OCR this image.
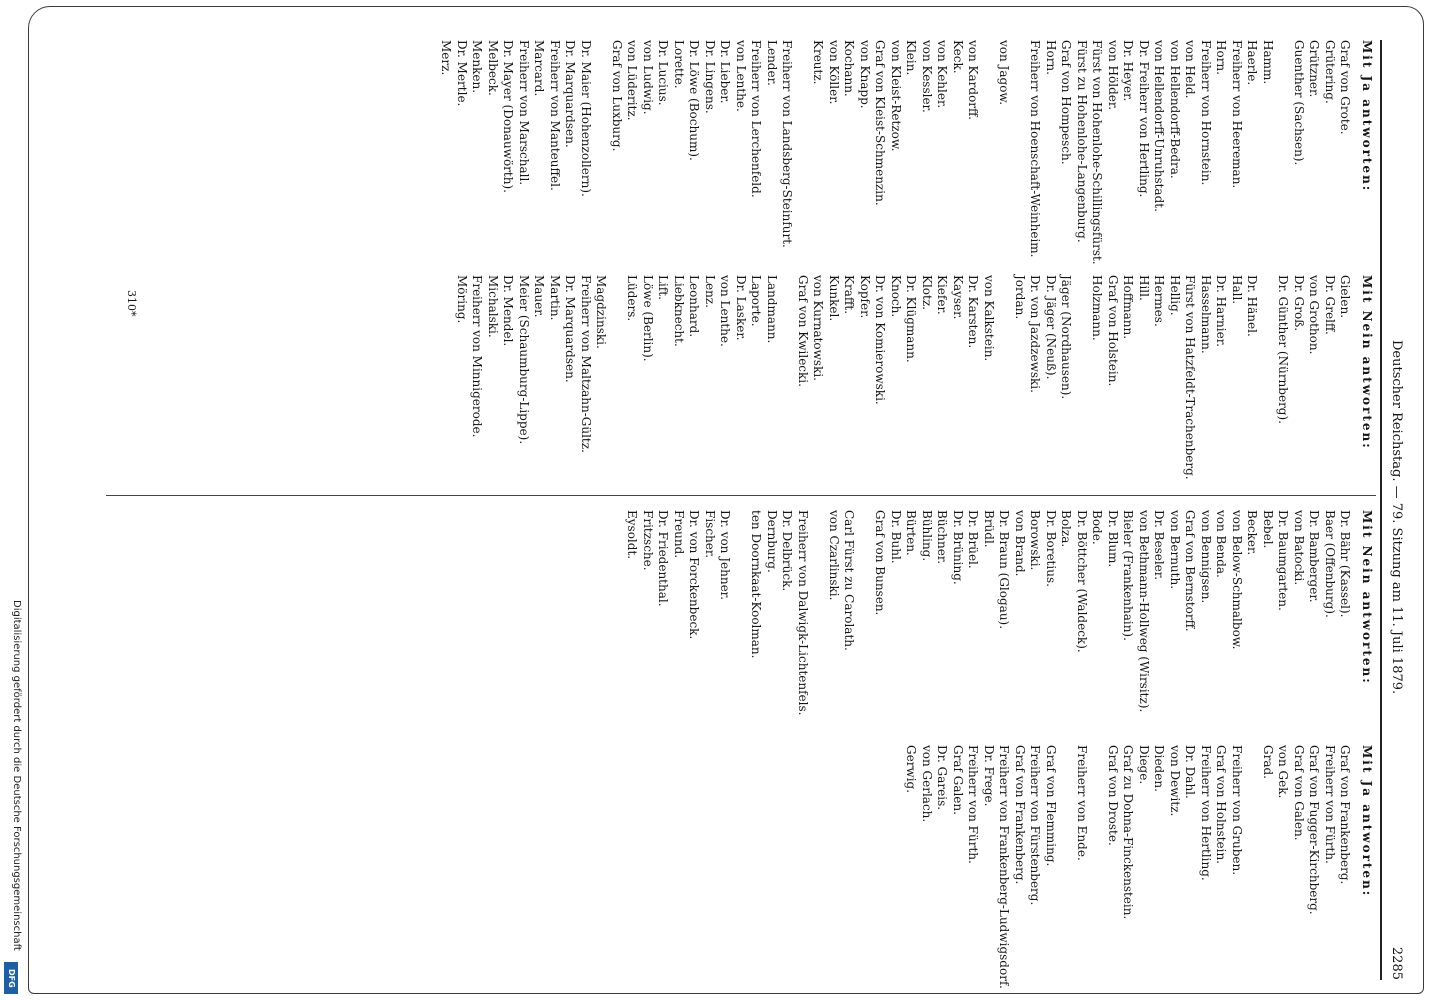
Digitalisierung gefördert durch die Deutsche Forschungsgemeinschaft
DFG
Deutscher Reichstag. — 79. Sitzung am 11. Juli 1879.
2285
Mit Ja antworten:
Graf von Grote.
Grütering.
Grützner.
Guenther (Sachsen).

Hamm.
Haerle.
Freiherr von Heereman.
Horn.
Freiherr von Hornstein.
von Held.
von Hellendorff-Bedra.
von Hellendorff-Unruhstadt.
Dr. Freiherr von Hertling.
Dr. Heyer.
von Hölder.
Fürst von Hohenlohe-Schillingsfürst.
Fürst zu Hohenlohe-Langenburg.
Graf von Hompesch.
Horn.
Freiherr von Hoenschaft-Weinheim.

von Jagow.

von Kardorff.
Keck.
von Kehler.
von Kessler.
Klein.
von Kleist-Retzow.
Graf von Kleist-Schmenzin.
von Knapp.
Kochann.
von Köller.
Kreutz.

Freiherr von Landsberg-Steinfurt.
Lender.
Freiherr von Lerchenfeld.
von Lenthe.
Dr. Lieber.
Dr. Lingens.
Dr. Löwe (Bochum).
Lorette.
Dr. Lucius.
von Ludwig.
von Lüderitz.
Graf von Luxburg.

Dr. Maier (Hohenzollern).
Dr. Marquardsen.
Freiherr von Manteuffel.
Marcard.
Freiherr von Marschall.
Dr. Mayer (Donauwörth).
Melbeck.
Menken.
Dr. Mertle.
Merz.
Mit Nein antworten:
Gielen.
Dr. Grelff.
von Grothon.
Dr. Groß.
Dr. Günther (Nürnberg).

Dr. Hänel.
Hall.
Dr. Harnier.
Hasselmann.
Fürst von Hatzfeldt-Trachenberg.
Hellig.
Hermes.
Hill.
Hoffmann.
Graf von Holstein.
Holzmann.

Jäger (Nordhausen).
Dr. Jäger (Neuß).
Dr. von Jazdzewski.
Jordan.

von Kalkstein.
Dr. Karsten.
Kayser.
Kiefer.
Klotz.
Dr. Klügmann.
Knoch.
Dr. von Komierowski.
Kopfer.
Krafft.
Kunkel.
von Kurnatowski.
Graf von Kwilecki.

Landmann.
Laporte.
Dr. Lasker.
von Lenthe.
Lenz.
Leonhard.
Liebknecht.
Lift.
Löwe (Berlin).
Lüders.

Magdzinski.
Freiherr von Maltzahn-Gültz.
Dr. Marquardsen.
Martin.
Mauer.
Meier (Schaumburg-Lippe).
Dr. Mendel.
Michalski.
Freiherr von Minnigerode.
Möring.
Mit Nein antworten:
Dr. Bähr (Kassel).
Baer (Offenburg).
Dr. Bamberger.
von Batocki.
Dr. Baumgarten.
Bebel.
Becker.
von Below-Schmalbow.
von Benda.
von Bennigsen.
Graf von Bernstorff.
von Bernuth.
Dr. Beseler.
von Bethmann-Hollweg (Wirsitz).
Bieler (Frankenhain).
Dr. Blum.
Bode.
Dr. Böttcher (Waldeck).
Bolza.
Dr. Boretius.
Borowski.
von Brand.
Dr. Braun (Glogau).
Brüdl.
Dr. Brüel.
Dr. Brüning.
Büchner.
Bühling.
Bürten.
Dr. Buhl.
Graf von Bunsen.

Carl Fürst zu Carolath.
von Czarlinski.

Freiherr von Dalwigk-Lichtenfels.
Dr. Delbrück.
Dernburg.
ten Doornkaat-Koolman.

Dr. von Jehner.
Fischer.
Dr. von Forckenbeck.
Freund.
Dr. Friedenthal.
Fritzsche.
Eysoldt.
Mit Ja antworten:
Graf von Frankenberg.
Freiherr von Fürth.
Graf von Fugger-Kirchberg.
Graf von Galen.
von Gek.
Grad.

Freiherr von Gruben.
Graf von Holnstein.
Freiherr von Hertling.
Dr. Dahl.
von Dewitz.
Dieden.
Diege.
Graf zu Dohna-Finckenstein.
Graf von Droste.

Freiherr von Ende.

Graf von Flemming.
Freiherr von Fürstenberg.
Graf von Frankenberg.
Freiherr von Frankenberg-Ludwigsdorf.
Dr. Frege.
Freiherr von Fürth.
Graf Galen.
Dr. Gareis.
von Gerlach.
Gerwig.
310*
